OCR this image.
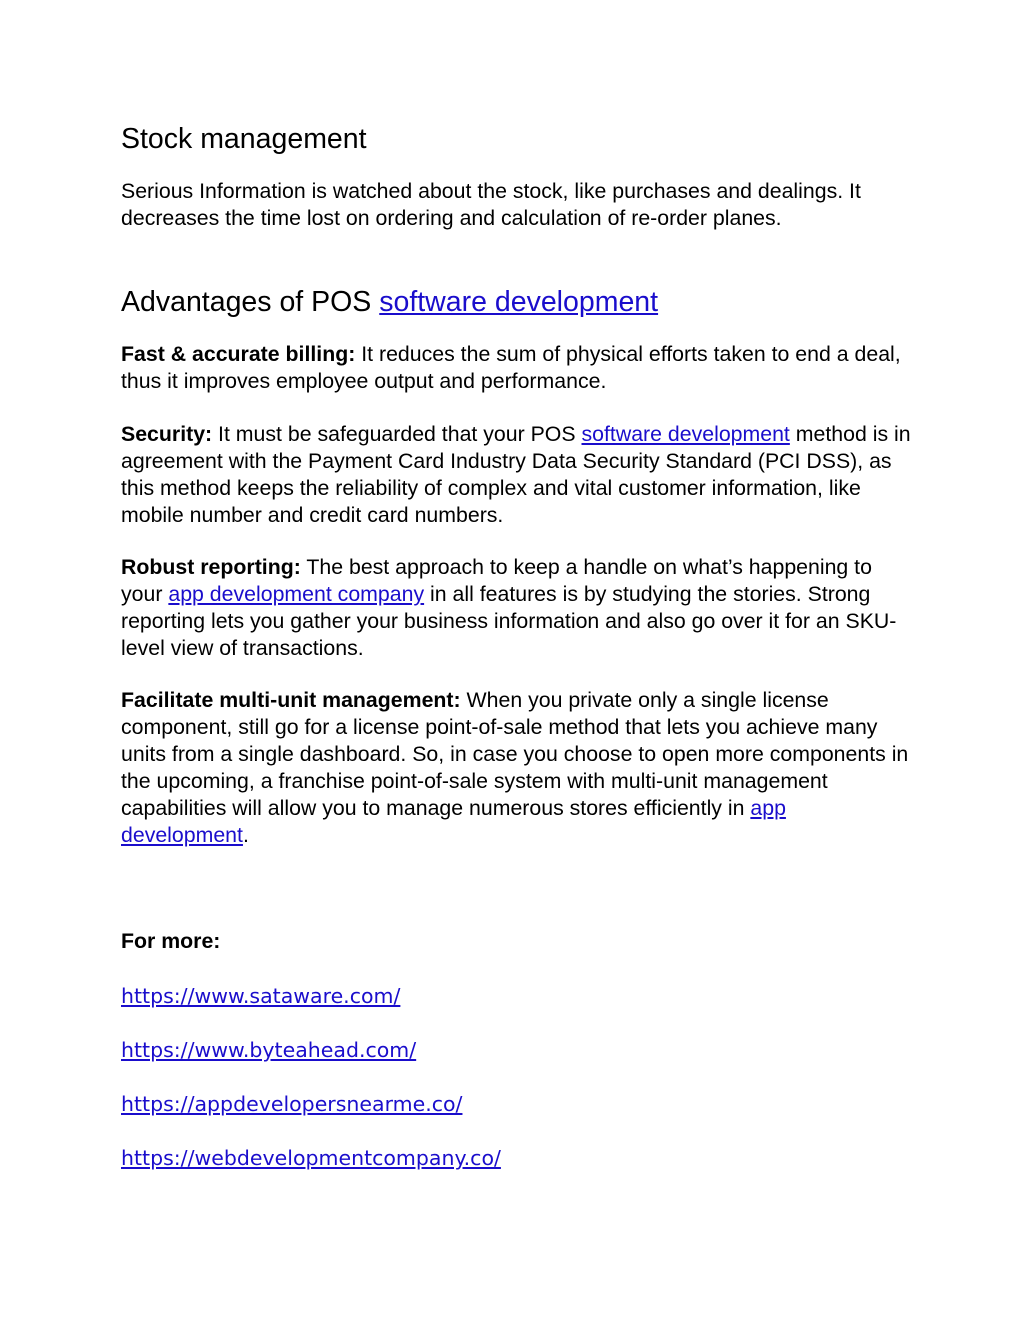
Stock management

Serious Information is watched about the stock, like purchases and dealings. It decreases the time lost on ordering and calculation of re-order planes.

Advantages of POS software development

Fast & accurate billing: It reduces the sum of physical efforts taken to end a deal, thus it improves employee output and performance.

Security: It must be safeguarded that your POS software development method is in agreement with the Payment Card Industry Data Security Standard (PCI DSS), as this method keeps the reliability of complex and vital customer information, like mobile number and credit card numbers.

Robust reporting: The best approach to keep a handle on what’s happening to your app development company in all features is by studying the stories. Strong reporting lets you gather your business information and also go over it for an SKU-level view of transactions.

Facilitate multi-unit management: When you private only a single license component, still go for a license point-of-sale method that lets you achieve many units from a single dashboard. So, in case you choose to open more components in the upcoming, a franchise point-of-sale system with multi-unit management capabilities will allow you to manage numerous stores efficiently in app development.

For more:

https://www.sataware.com/
https://www.byteahead.com/
https://appdevelopersnearme.co/
https://webdevelopmentcompany.co/
